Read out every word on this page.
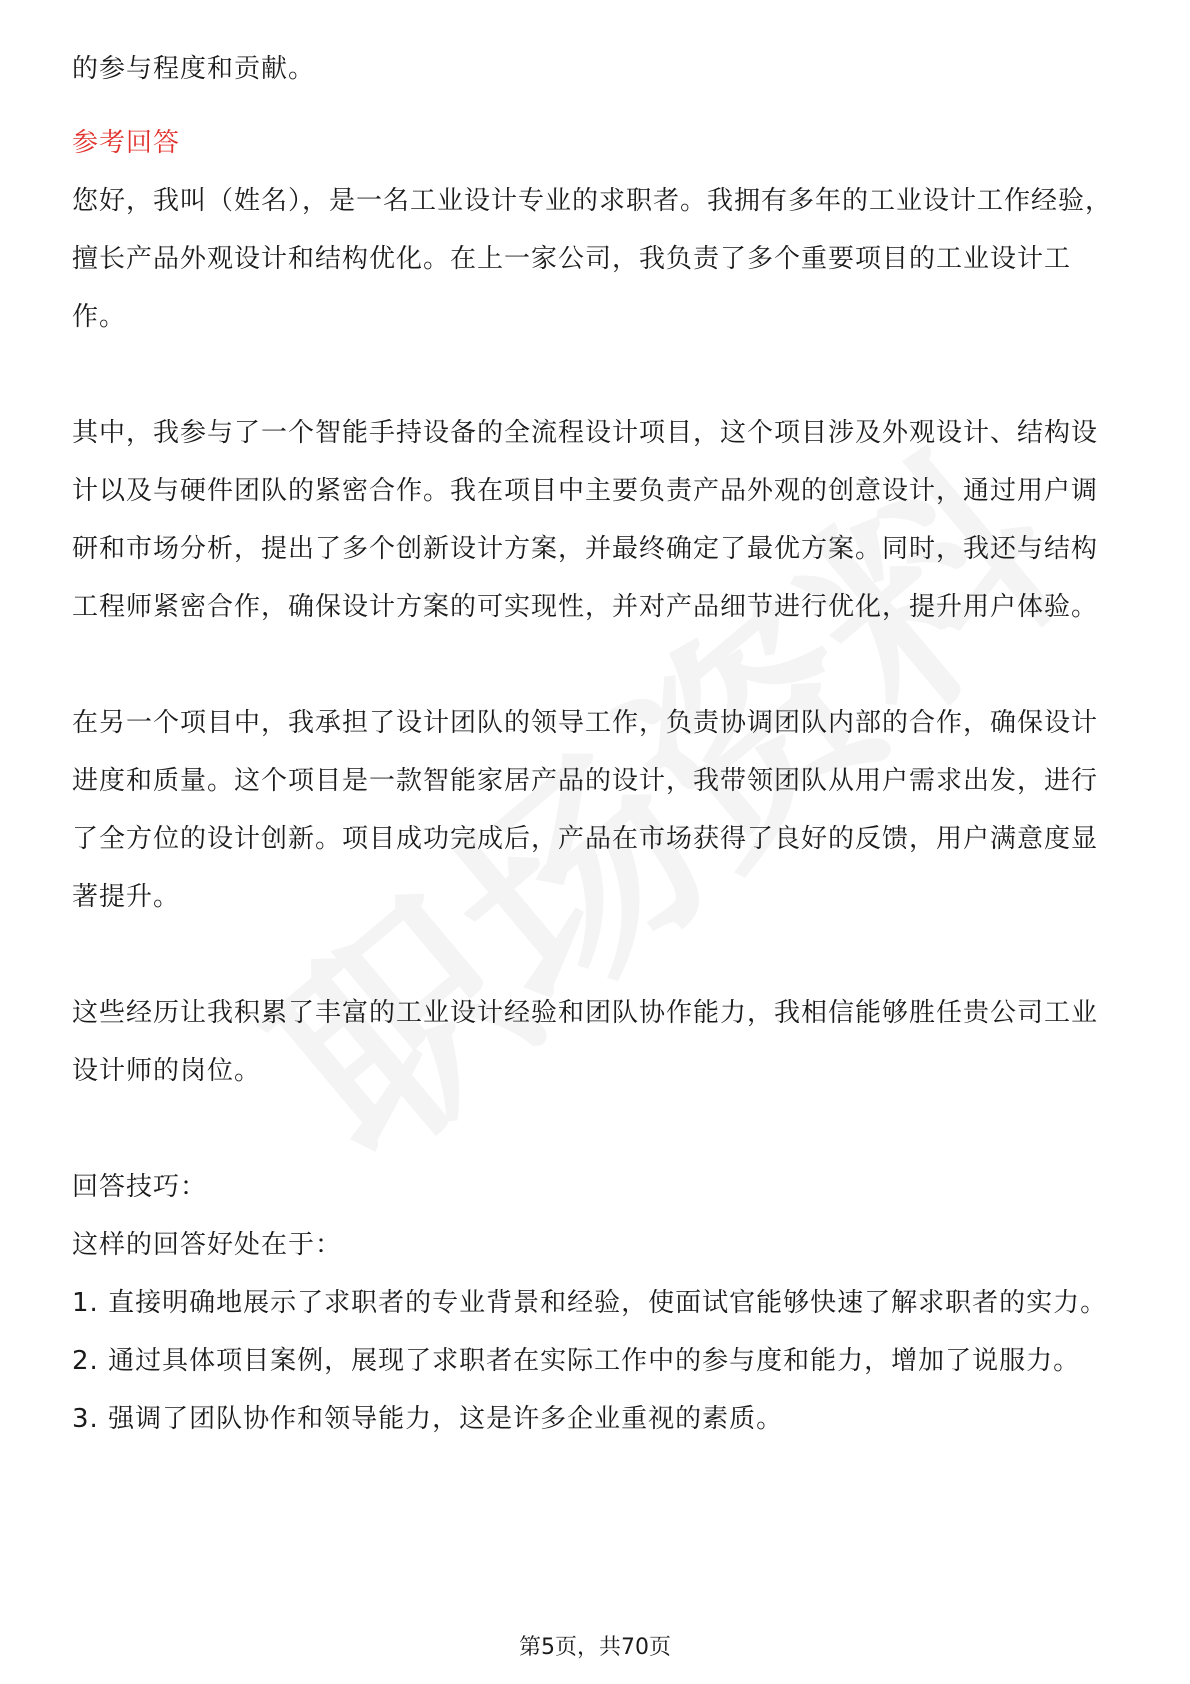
的参与程度和贡献。

参考回答

您好，我叫（姓名），是一名工业设计专业的求职者。我拥有多年的工业设计工作经验，擅长产品外观设计和结构优化。在上一家公司，我负责了多个重要项目的工业设计工作。

其中，我参与了一个智能手持设备的全流程设计项目，这个项目涉及外观设计、结构设计以及与硬件团队的紧密合作。我在项目中主要负责产品外观的创意设计，通过用户调研和市场分析，提出了多个创新设计方案，并最终确定了最优方案。同时，我还与结构工程师紧密合作，确保设计方案的可实现性，并对产品细节进行优化，提升用户体验。

在另一个项目中，我承担了设计团队的领导工作，负责协调团队内部的合作，确保设计进度和质量。这个项目是一款智能家居产品的设计，我带领团队从用户需求出发，进行了全方位的设计创新。项目成功完成后，产品在市场获得了良好的反馈，用户满意度显著提升。

这些经历让我积累了丰富的工业设计经验和团队协作能力，我相信能够胜任贵公司工业设计师的岗位。

回答技巧：

这样的回答好处在于：

1. 直接明确地展示了求职者的专业背景和经验，使面试官能够快速了解求职者的实力。

2. 通过具体项目案例，展现了求职者在实际工作中的参与度和能力，增加了说服力。

3. 强调了团队协作和领导能力，这是许多企业重视的素质。

第5页，共70页
